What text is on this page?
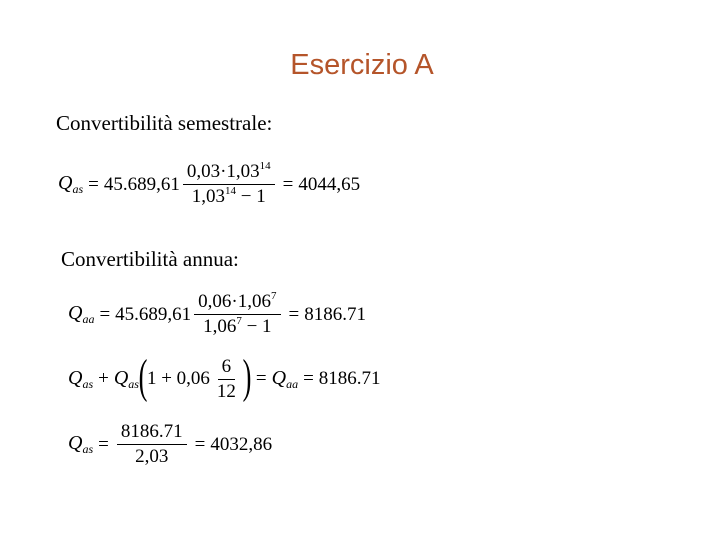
Esercizio A
Convertibilità semestrale:
$Q_{as} = 45.689,61 \frac{0,03\cdot 1,03^{14}}{1,03^{14} - 1} = 4044,65$
Convertibilità annua:
$Q_{aa} = 45.689,61 \frac{0,06\cdot 1,06^7}{1,06^7 - 1} = 8186.71$
$Q_{as} + Q_{as}$ ( $1 + 0,06 \frac{6}{12}$ ) = $Q_{aa} = 8186.71$
$Q_{as} = \frac{8186.71}{2,03} = 4032,86$
